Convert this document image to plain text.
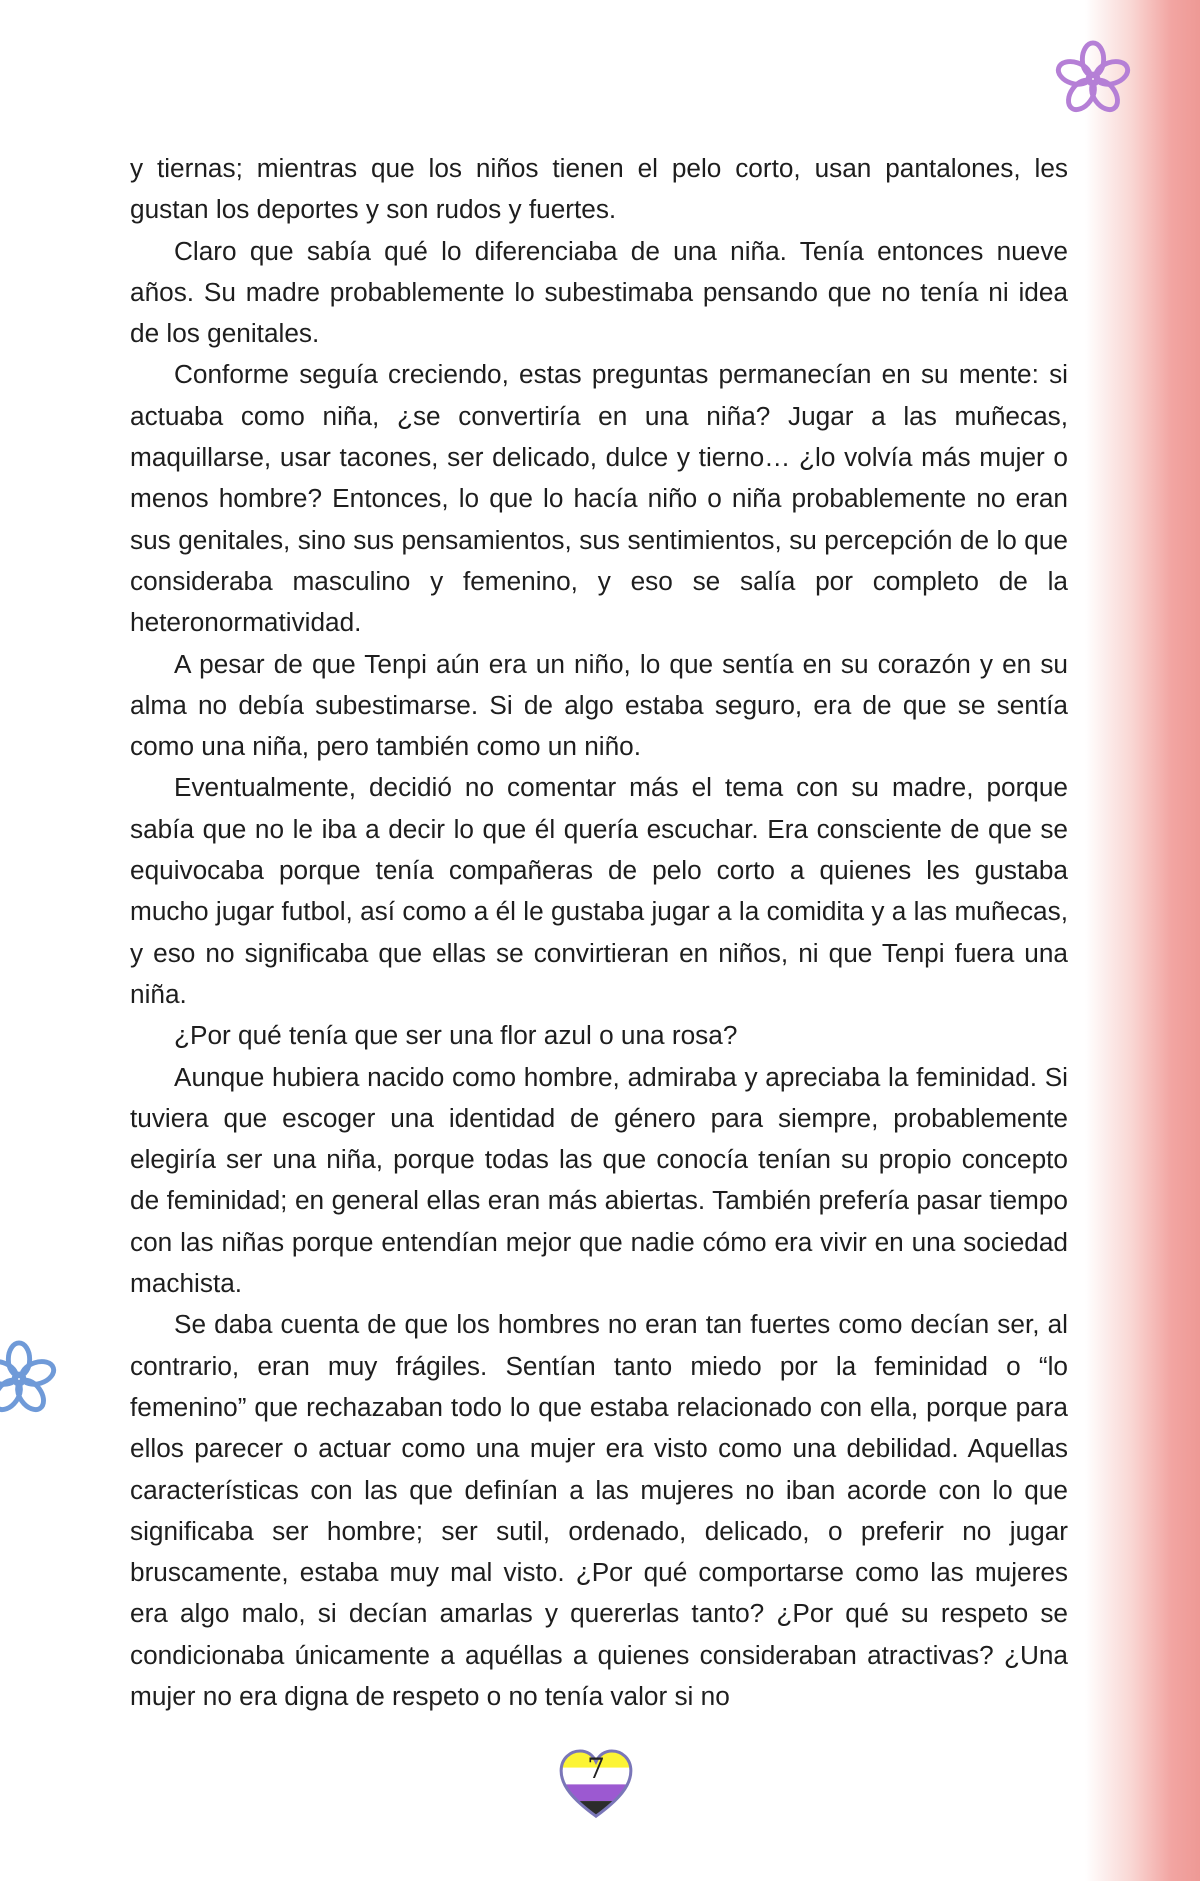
y tiernas; mientras que los niños tienen el pelo corto, usan pantalones, les gustan los deportes y son rudos y fuertes.

Claro que sabía qué lo diferenciaba de una niña. Tenía entonces nueve años. Su madre probablemente lo subestimaba pensando que no tenía ni idea de los genitales.

Conforme seguía creciendo, estas preguntas permanecían en su mente: si actuaba como niña, ¿se convertiría en una niña? Jugar a las muñecas, maquillarse, usar tacones, ser delicado, dulce y tierno… ¿lo volvía más mujer o menos hombre? Entonces, lo que lo hacía niño o niña probablemente no eran sus genitales, sino sus pensamientos, sus sentimientos, su percepción de lo que consideraba masculino y femenino, y eso se salía por completo de la heteronormatividad.

A pesar de que Tenpi aún era un niño, lo que sentía en su corazón y en su alma no debía subestimarse. Si de algo estaba seguro, era de que se sentía como una niña, pero también como un niño.

Eventualmente, decidió no comentar más el tema con su madre, porque sabía que no le iba a decir lo que él quería escuchar. Era consciente de que se equivocaba porque tenía compañeras de pelo corto a quienes les gustaba mucho jugar futbol, así como a él le gustaba jugar a la comidita y a las muñecas, y eso no significaba que ellas se convirtieran en niños, ni que Tenpi fuera una niña.

¿Por qué tenía que ser una flor azul o una rosa?

Aunque hubiera nacido como hombre, admiraba y apreciaba la feminidad. Si tuviera que escoger una identidad de género para siempre, probablemente elegiría ser una niña, porque todas las que conocía tenían su propio concepto de feminidad; en general ellas eran más abiertas. También prefería pasar tiempo con las niñas porque entendían mejor que nadie cómo era vivir en una sociedad machista.

Se daba cuenta de que los hombres no eran tan fuertes como decían ser, al contrario, eran muy frágiles. Sentían tanto miedo por la feminidad o “lo femenino” que rechazaban todo lo que estaba relacionado con ella, porque para ellos parecer o actuar como una mujer era visto como una debilidad. Aquellas características con las que definían a las mujeres no iban acorde con lo que significaba ser hombre; ser sutil, ordenado, delicado, o preferir no jugar bruscamente, estaba muy mal visto. ¿Por qué comportarse como las mujeres era algo malo, si decían amarlas y quererlas tanto? ¿Por qué su respeto se condicionaba únicamente a aquéllas a quienes consideraban atractivas? ¿Una mujer no era digna de respeto o no tenía valor si no

7
